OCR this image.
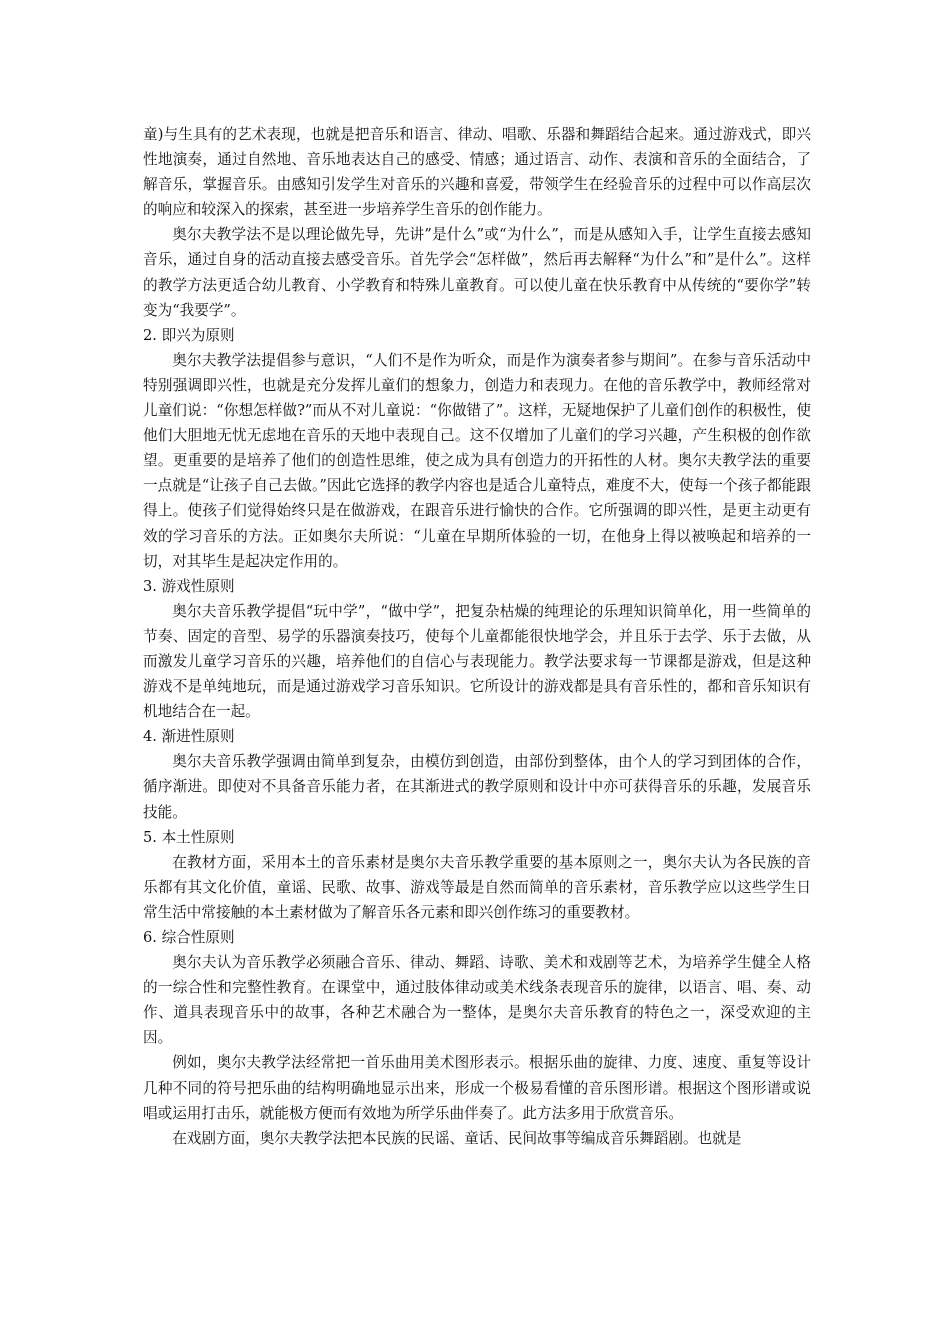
童)与生具有的艺术表现，也就是把音乐和语言、律动、唱歌、乐器和舞蹈结合起来。通过游戏式，即兴性地演奏，通过自然地、音乐地表达自己的感受、情感；通过语言、动作、表演和音乐的全面结合，了解音乐，掌握音乐。由感知引发学生对音乐的兴趣和喜爱，带领学生在经验音乐的过程中可以作高层次的响应和较深入的探索，甚至进一步培养学生音乐的创作能力。

奥尔夫教学法不是以理论做先导，先讲”是什么”或“为什么”，而是从感知入手，让学生直接去感知音乐，通过自身的活动直接去感受音乐。首先学会“怎样做”，然后再去解释“为什么”和”是什么”。这样的教学方法更适合幼儿教育、小学教育和特殊儿童教育。可以使儿童在快乐教育中从传统的“要你学”转变为“我要学”。

2. 即兴为原则

奥尔夫教学法提倡参与意识，“人们不是作为听众，而是作为演奏者参与期间”。在参与音乐活动中特别强调即兴性，也就是充分发挥儿童们的想象力，创造力和表现力。在他的音乐教学中，教师经常对儿童们说：“你想怎样做?”而从不对儿童说：“你做错了”。这样，无疑地保护了儿童们创作的积极性，使他们大胆地无忧无虑地在音乐的天地中表现自己。这不仅增加了儿童们的学习兴趣，产生积极的创作欲望。更重要的是培养了他们的创造性思维，使之成为具有创造力的开拓性的人材。奥尔夫教学法的重要一点就是“让孩子自己去做。”因此它选择的教学内容也是适合儿童特点，难度不大，使每一个孩子都能跟得上。使孩子们觉得始终只是在做游戏，在跟音乐进行愉快的合作。它所强调的即兴性，是更主动更有效的学习音乐的方法。正如奥尔夫所说：“儿童在早期所体验的一切，在他身上得以被唤起和培养的一切，对其毕生是起决定作用的。

3. 游戏性原则

奥尔夫音乐教学提倡“玩中学”，“做中学”，把复杂枯燥的纯理论的乐理知识简单化，用一些简单的节奏、固定的音型、易学的乐器演奏技巧，使每个儿童都能很快地学会，并且乐于去学、乐于去做，从而激发儿童学习音乐的兴趣，培养他们的自信心与表现能力。教学法要求每一节课都是游戏，但是这种游戏不是单纯地玩，而是通过游戏学习音乐知识。它所设计的游戏都是具有音乐性的，都和音乐知识有机地结合在一起。

4. 渐进性原则

奥尔夫音乐教学强调由简单到复杂，由模仿到创造，由部份到整体，由个人的学习到团体的合作，循序渐进。即使对不具备音乐能力者，在其渐进式的教学原则和设计中亦可获得音乐的乐趣，发展音乐技能。

5. 本土性原则

在教材方面，采用本土的音乐素材是奥尔夫音乐教学重要的基本原则之一，奥尔夫认为各民族的音乐都有其文化价值，童谣、民歌、故事、游戏等最是自然而简单的音乐素材，音乐教学应以这些学生日常生活中常接触的本土素材做为了解音乐各元素和即兴创作练习的重要教材。

6. 综合性原则

奥尔夫认为音乐教学必须融合音乐、律动、舞蹈、诗歌、美术和戏剧等艺术，为培养学生健全人格的一综合性和完整性教育。在课堂中，通过肢体律动或美术线条表现音乐的旋律，以语言、唱、奏、动作、道具表现音乐中的故事，各种艺术融合为一整体，是奥尔夫音乐教育的特色之一，深受欢迎的主因。

例如，奥尔夫教学法经常把一首乐曲用美术图形表示。根据乐曲的旋律、力度、速度、重复等设计几种不同的符号把乐曲的结构明确地显示出来，形成一个极易看懂的音乐图形谱。根据这个图形谱或说唱或运用打击乐，就能极方便而有效地为所学乐曲伴奏了。此方法多用于欣赏音乐。

在戏剧方面，奥尔夫教学法把本民族的民谣、童话、民间故事等编成音乐舞蹈剧。也就是
